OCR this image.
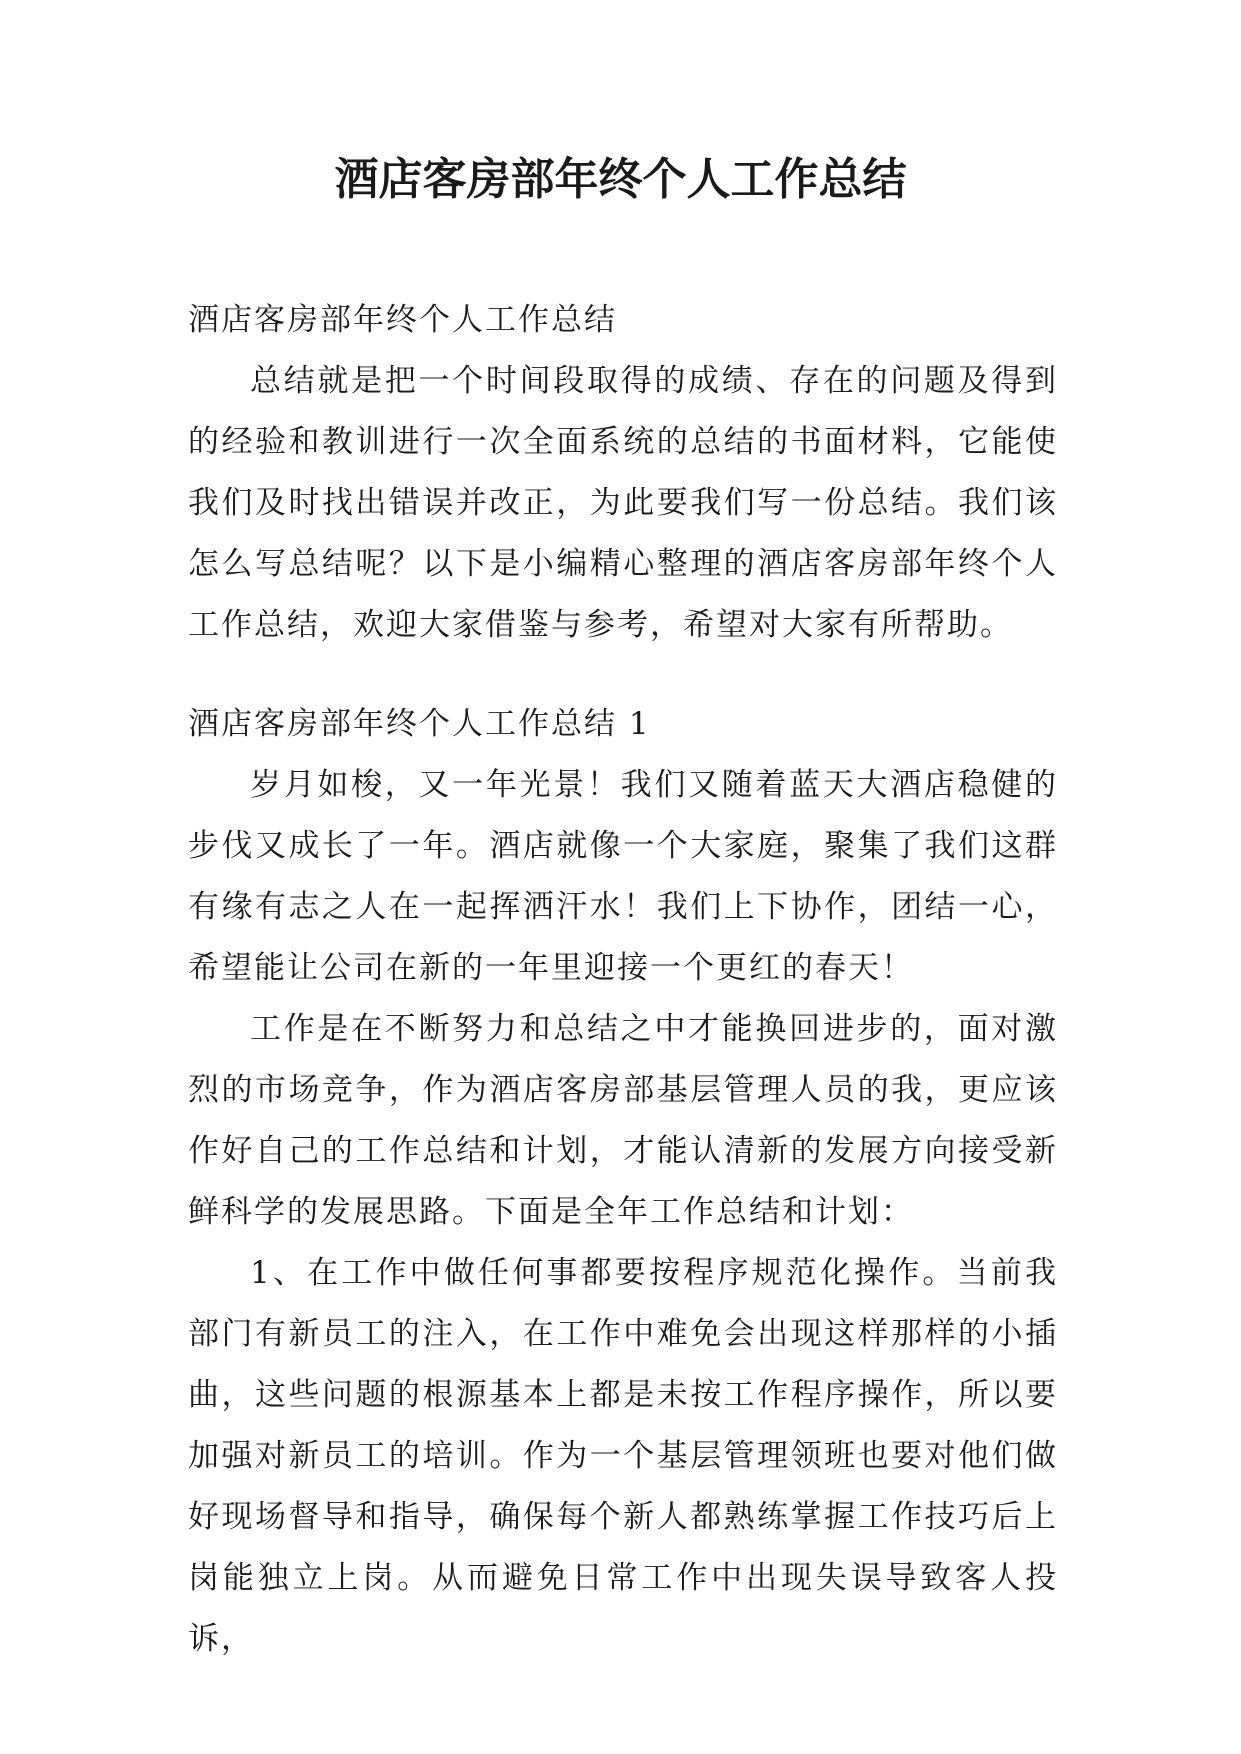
酒店客房部年终个人工作总结
酒店客房部年终个人工作总结

总结就是把一个时间段取得的成绩、存在的问题及得到的经验和教训进行一次全面系统的总结的书面材料，它能使我们及时找出错误并改正，为此要我们写一份总结。我们该怎么写总结呢？以下是小编精心整理的酒店客房部年终个人工作总结，欢迎大家借鉴与参考，希望对大家有所帮助。

酒店客房部年终个人工作总结 1

岁月如梭，又一年光景！我们又随着蓝天大酒店稳健的步伐又成长了一年。酒店就像一个大家庭，聚集了我们这群有缘有志之人在一起挥洒汗水！我们上下协作，团结一心，希望能让公司在新的一年里迎接一个更红的春天！

工作是在不断努力和总结之中才能换回进步的，面对激烈的市场竞争，作为酒店客房部基层管理人员的我，更应该作好自己的工作总结和计划，才能认清新的发展方向接受新鲜科学的发展思路。下面是全年工作总结和计划：

1、在工作中做任何事都要按程序规范化操作。当前我部门有新员工的注入，在工作中难免会出现这样那样的小插曲，这些问题的根源基本上都是未按工作程序操作，所以要加强对新员工的培训。作为一个基层管理领班也要对他们做好现场督导和指导，确保每个新人都熟练掌握工作技巧后上岗能独立上岗。从而避免日常工作中出现失误导致客人投诉，
